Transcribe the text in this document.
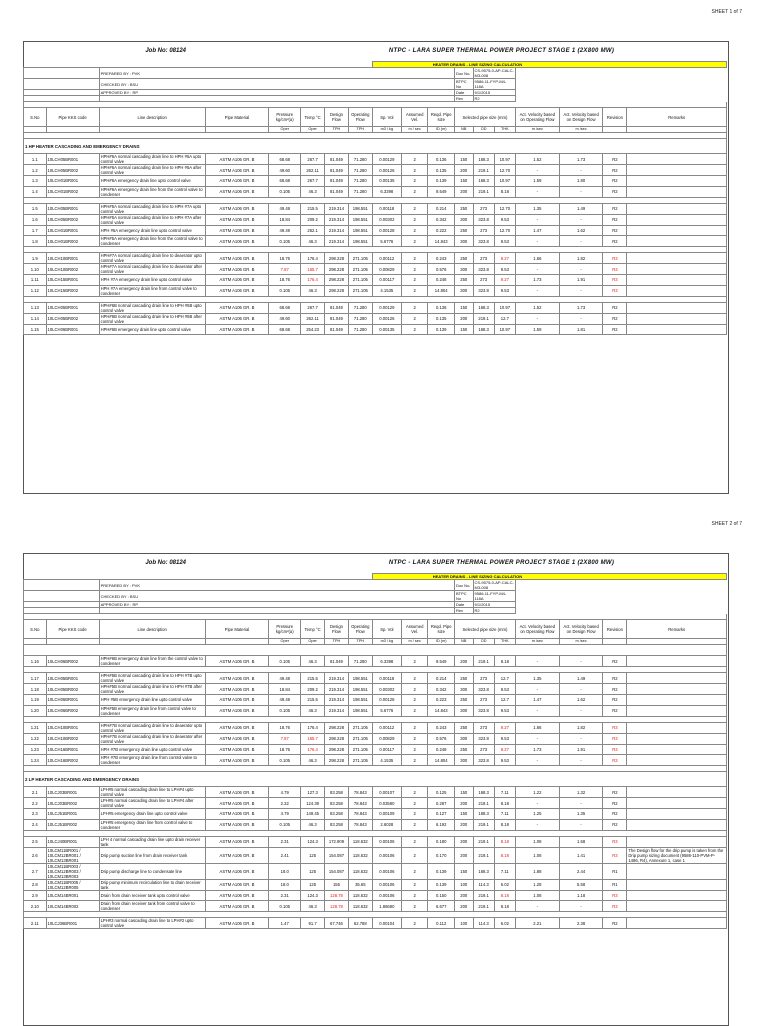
SHEET 1 of 7
Job No: 08124				NTPC - LARA SUPER THERMAL POWER PROJECT STAGE 1 (2X800 MW)													
								HEATER DRAINS - LINE SIZING CALCULATION									
		PREPARED BY : PVK									Doc No.	CS-9575-0-AP-CALC-M3-008					
		CHECKED BY : BSU									BTPC No	9586-11-FYP-M4-118A					
		APPROVED BY : RP									Date	9/1/2015					
											Rev	R2					

S.No	Pipe KKS code	Line description	Pipe Material	Pressure kg/cm²(a)	Temp °C	Design Flow	Operating Flow	Sp. Vol	Assumed Vel.	Reqd. Pipe size	Selected pipe size (mm)			Act. Velocity based on Operating Flow	Act. Velocity based on Design Flow	Revision	Remarks
				Oper	Oper	TPH	TPH	m3 / kg	m / sec	ID (m)	NB	OD	THK	m /sec	m /sec		

1 HP HEATER CASCADING AND EMERGENCY DRAINS																	
1.1	10LCH05BR001	HPH#6A normal cascading drain line to HPH #5A upto control valve	ASTM A106 GR. B	68.68	267.7	81.049	71.280	0.00129	2	0.136	150	168.3	10.97	1.52	1.73	R2	
1.2	10LCH05BR002	HPH#6A normal cascading drain line to HPH #5A after control valve	ASTM A106 GR. B	49.60	262.11	81.049	71.280	0.00126	2	0.135	200	219.1	12.70	-	-	R2	
1.3	10LCH01BR001	HPH#6A emergency drain line upto control valve	ASTM A106 GR. B	68.68	267.7	81.049	71.280	0.00135	2	0.139	150	168.3	10.97	1.59	1.80	R2	
1.4	10LCH01BR002	HPH#6A emergency drain line from the control valve to condenser	ASTM A106 GR. B	0.105	46.3	81.049	71.280	6.3398	2	9.549	200	219.1	8.18	-	-	R2	

1.5	10LCH05BR001	HPH#5A normal cascading drain line to HPH #7A upto control valve	ASTM A106 GR. B	49.48	215.5	219.314	198.551	0.00118	2	0.214	250	273	12.70	1.35	1.49	R2	
1.6	10LCH05BR002	HPH#5A normal cascading drain line to HPH #7A after control valve	ASTM A106 GR. B	18.84	209.2	219.314	198.551	0.00302	2	0.342	300	323.8	9.53	-	-	R2	
1.7	10LCH01BR001	HPH #5A emergency drain line upto control valve	ASTM A106 GR. B	49.49	262.1	219.314	198.551	0.00128	2	0.222	250	273	12.70	1.47	1.62	R2	
1.8	10LCH01BR002	HPH#5A emergency drain line from the control valve to condenser	ASTM A106 GR. B	0.105	46.3	219.314	198.551	5.6776	2	14.843	300	323.8	9.53	-	-	R2	

1.9	10LCH10BR001	HPH#7A normal cascading drain line to deaerator upto control valve	ASTM A106 GR. B	18.76	176.4	298.228	271.105	0.00112	2	0.243	250	273	9.27	1.66	1.82	R3	
1.10	10LCH10BR002	HPH#7A normal cascading drain line to deaerator after control valve	ASTM A106 GR. B	7.87	165.7	298.228	271.105	0.00829	2	0.576	300	323.8	9.53	-	-	R3	
1.11	10LCH15BR001	HPH #7A emergency drain line upto control valve	ASTM A106 GR. B	18.76	176.4	298.228	271.105	0.00117	2	0.248	250	273	9.27	1.73	1.91	R3	
1.12	10LCH15BR002	HPH #7A emergency drain line from control valve to condenser	ASTM A106 GR. B	0.105	46.3	298.228	271.105	4.1535	2	14.804	300	323.8	9.53	-	-	R3	

1.13	10LCH05BR001	HPH#6B normal cascading drain line to HPH #5B upto control valve	ASTM A106 GR. B	68.68	267.7	81.049	71.280	0.00129	2	0.136	150	168.3	10.97	1.52	1.73	R2	
1.14	10LCH05BR002	HPH#6B normal cascading drain line to HPH #5B after control valve	ASTM A106 GR. B	49.60	262.11	81.049	71.280	0.00126	2	0.135	200	219.1	12.7	-	-	R2	
1.15	10LCH06BR001	HPH#6B emergency drain line upto control valve	ASTM A106 GR. B	68.68	254.23	81.049	71.280	0.00135	2	0.139	150	168.3	10.97	1.59	1.81	R2	
SHEET 2 of 7
Job No: 08124				NTPC - LARA SUPER THERMAL POWER PROJECT STAGE 1 (2X800 MW)													
								HEATER DRAINS - LINE SIZING CALCULATION									
		PREPARED BY : PVK									Doc No.	CS-9575-0-AP-CALC-M3-008					
		CHECKED BY : BSU									BTPC No	9586-11-FYP-M4-118A					
		APPROVED BY : RP									Date	9/1/2015					
											Rev	R2					

S.No	Pipe KKS code	Line description	Pipe Material	Pressure kg/cm²(a)	Temp °C	Design Flow	Operating Flow	Sp. Vol	Assumed Vel.	Reqd. Pipe size	Selected pipe size (mm)			Act. Velocity based on Operating Flow	Act. Velocity based on Design Flow	Revision	Remarks
				Oper	Oper	TPH	TPH	m3 / kg	m / sec	ID (m)	NB	OD	THK	m /sec	m /sec		

1.16	10LCH06BR002	HPH#6B emergency drain line from the control valve to condenser	ASTM A106 GR. B	0.105	46.3	81.049	71.280	6.3398	2	9.549	200	219.1	8.18	-	-	R2	

1.17	10LCH05BR001	HPH#5B normal cascading drain line to HPH #7B upto control valve	ASTM A106 GR. B	49.48	215.5	219.314	198.551	0.00118	2	0.214	250	273	12.7	1.35	1.49	R2	
1.18	10LCH05BR002	HPH#5B normal cascading drain line to HPH #7B after control valve	ASTM A106 GR. B	18.84	209.2	219.314	198.551	0.00302	2	0.342	300	323.8	9.53	-	-	R2	
1.19	10LCH06BR001	HPH #5B emergency drain line upto control valve	ASTM A106 GR. B	49.49	215.5	219.314	198.551	0.00128	2	0.223	250	273	12.7	1.47	1.62	R2	
1.20	10LCH06BR002	HPH#5B emergency drain line from control valve to condenser	ASTM A106 GR. B	0.105	46.3	219.314	198.551	5.6776	2	14.843	300	323.8	9.53	-	-	R2	

1.21	10LCH10BR001	HPH#7B normal cascading drain line to deaerator upto control valve	ASTM A106 GR. B	18.76	176.4	298.228	271.105	0.00112	2	0.243	250	273	9.27	1.66	1.82	R3	
1.22	10LCH10BR002	HPH#7B normal cascading drain line to deaerator after control valve	ASTM A106 GR. B	7.87	165.7	298.228	271.105	0.00829	2	0.576	300	323.8	9.53	-	-	R3	
1.23	10LCH16BR001	HPH #7B emergency drain line upto control valve	ASTM A106 GR. B	18.76	176.4	298.228	271.105	0.00117	2	0.248	250	273	9.27	1.73	1.91	R3	
1.24	10LCH16BR002	HPH #7B emergency drain line from control valve to condenser	ASTM A106 GR. B	0.105	46.3	298.228	271.105	4.1535	2	14.804	300	323.8	9.53	-	-	R3	

2 LP HEATER CASCADING AND EMERGENCY DRAINS																	
2.1	10LCJ03BR001	LPH#5 normal cascading drain line to LPH#4 upto control valve	ASTM A106 GR. B	4.79	127.3	83.258	78.843	0.00107	2	0.125	150	168.3	7.11	1.22	1.32	R2	
2.2	10LCJ03BR002	LPH#5 normal cascading drain line to LPH#4 after control valve	ASTM A106 GR. B	2.32	124.39	83.258	78.843	0.03580	2	0.287	200	219.1	8.18	-	-	R2	
2.3	10LCJ51BR001	LPH#5 emergency drain line upto control valve	ASTM A106 GR. B	4.79	149.45	83.258	78.843	0.00109	2	0.127	150	168.3	7.11	1.25	1.35	R2	
2.4	10LCJ51BR002	LPH#5 emergency drain line from control valve to condenser	ASTM A106 GR. B	0.105	46.3	83.258	78.843	2.6028	2	6.192	200	219.1	8.18	-	-	R2	

2.5	10LCJ40BR001	LPH 4 normal cascading drain line upto drain receiver tank	ASTM A106 GR. B	2.31	124.3	172.909	118.632	0.00106	2	0.180	200	219.1	8.18	1.08	1.58	R3	
2.6	10LCM11BR001 / 10LCM12BR001 / 10LCM13BR001	Drip pump suction line from drain receiver tank	ASTM A106 GR. B	2.41	125	154.087	118.632	0.00106	2	0.170	200	219.1	8.18	1.08	1.41	R3	The Design flow for the drip pump is taken from the Drip pump sizing document (9586-110-PVM-P-1486, R4), Annexure 1, case 1
2.7	10LCM11BR003 / 10LCM12BR003 / 10LCM13BR003	Drip pump discharge line to condensate line	ASTM A106 GR. B	18.0	125	154.087	118.632	0.00106	2	0.139	150	168.3	7.11	1.88	2.44	R1	
2.8	10LCM11BR005 / 10LCM12BR005	Drip pump minimum recirculation line to drain receiver tank	ASTM A106 GR. B	18.0	125	155	35.65	0.00106	2	0.139	100	114.3	6.02	1.28	5.58	R1	
2.9	10LCM14BR001	Drain from drain receiver tank upto control valve	ASTM A106 GR. B	2.31	124.3	128.78	118.632	0.00106	2	0.150	200	219.1	8.18	1.08	1.18	R3	
2.10	10LCM14BR002	Drain from drain receiver tank from control valve to condenser	ASTM A106 GR. B	0.105	46.3	128.78	118.632	1.86680	2	6.677	200	219.1	8.18	-	-	R3	

2.11	10LCJ36BR001	LPH#3 normal cascading drain line to LPH#2 upto control valve	ASTM A106 GR. B	1.47	91.7	67.746	62.788	0.00104	2	0.112	100	114.3	6.02	2.21	2.38	R2	
